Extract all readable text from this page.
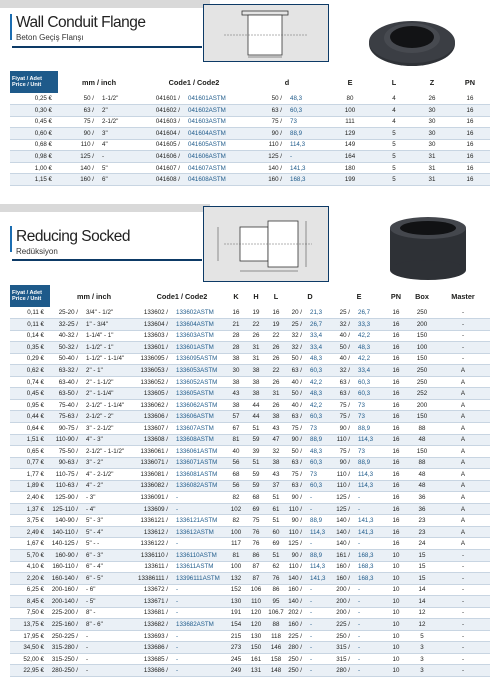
Wall Conduit Flange
Beton Geçiş Flanşı
Fiyat / Adet
Price / Unit	mm / inch		Code1 / Code2		d		E	L	Z	PN
0,25 €	50 /	1-1/2"	041601 /	041601ASTM	50 /	48,3	80	4	26	16
0,30 €	63 /	2"	041602 /	041602ASTM	63 /	60,3	100	4	30	16
0,45 €	75 /	2-1/2"	041603 /	041603ASTM	75 /	73	111	4	30	16
0,60 €	90 /	3"	041604 /	041604ASTM	90 /	88,9	129	5	30	16
0,68 €	110 /	4"	041605 /	041605ASTM	110 /	114,3	149	5	30	16
0,98 €	125 /	-	041606 /	041606ASTM	125 /	-	164	5	31	16
1,00 €	140 /	5"	041607 /	041607ASTM	140 /	141,3	180	5	31	16
1,15 €	160 /	6"	041608 /	041608ASTM	160 /	168,3	199	5	31	16
Reducing Socked
Redüksiyon
Fiyat / Adet
Price / Unit	mm / inch		Code1 / Code2		K	H	L	D		E		PN	Box	Master
0,11 €	25-20 /	3/4" - 1/2"	133602 /	133602ASTM	16	19	16	20 /	21,3	25 /	26,7	16	250	-
0,11 €	32-25 /	1" - 3/4"	133604 /	133604ASTM	21	22	19	25 /	26,7	32 /	33,3	16	200	-
0,14 €	40-32 /	1-1/4" - 1"	133603 /	133603ASTM	28	26	22	32 /	33,4	40 /	42,2	16	150	-
0,35 €	50-32 /	1-1/2" - 1"	133601 /	133601ASTM	28	31	26	32 /	33,4	50 /	48,3	16	100	-
0,29 €	50-40 /	1-1/2" - 1-1/4"	1336095 /	1336095ASTM	38	31	26	50 /	48,3	40 /	42,2	16	150	-
0,62 €	63-32 /	2" - 1"	1336053 /	1336053ASTM	30	38	22	63 /	60,3	32 /	33,4	16	250	A
0,74 €	63-40 /	2" - 1-1/2"	1336052 /	1336052ASTM	38	38	26	40 /	42,2	63 /	60,3	16	250	A
0,45 €	63-50 /	2" - 1-1/4"	133605 /	133605ASTM	43	38	31	50 /	48,3	63 /	60,3	16	252	A
0,95 €	75-40 /	2-1/2" - 1-1/4"	1336062 /	1336062ASTM	38	44	26	40 /	42,2	75 /	73	16	200	A
0,44 €	75-63 /	2-1/2" - 2"	133606 /	133606ASTM	57	44	38	63 /	60,3	75 /	73	16	150	A
0,64 €	90-75 /	3" - 2-1/2"	133607 /	133607ASTM	67	51	43	75 /	73	90 /	88,9	16	88	A
1,51 €	110-90 /	4" - 3"	133608 /	133608ASTM	81	59	47	90 /	88,9	110 /	114,3	16	48	A
0,65 €	75-50 /	2-1/2" - 1-1/2"	1336061 /	1336061ASTM	40	39	32	50 /	48,3	75 /	73	16	150	A
0,77 €	90-63 /	3" - 2"	1336071 /	1336071ASTM	56	51	38	63 /	60,3	90 /	88,9	16	88	A
1,77 €	110-75 /	4" - 2-1/2"	1336081 /	1336081ASTM	68	59	43	75 /	73	110 /	114,3	16	48	A
1,89 €	110-63 /	4" - 2"	1336082 /	1336082ASTM	56	59	37	63 /	60,3	110 /	114,3	16	48	A
2,40 €	125-90 /	- 3"	1336091 /	-	82	68	51	90 /	-	125 /	-	16	36	A
1,37 €	125-110 /	- 4"	133609 /	-	102	69	61	110 /	-	125 /	-	16	36	A
3,75 €	140-90 /	5" - 3"	1336121 /	1336121ASTM	82	75	51	90 /	88,9	140 /	141,3	16	23	A
2,49 €	140-110 /	5" - 4"	133612 /	133612ASTM	100	76	60	110 /	114,3	140 /	141,3	16	23	A
1,67 €	140-125 /	5" - -	1336122 /	-	117	76	69	125 /	-	140 /	-	16	24	A
5,70 €	160-90 /	6" - 3"	1336110 /	1336110ASTM	81	86	51	90 /	88,9	161 /	168,3	10	15	-
4,10 €	160-110 /	6" - 4"	133611 /	133611ASTM	100	87	62	110 /	114,3	160 /	168,3	10	15	-
2,20 €	160-140 /	6" - 5"	13386111 /	13396111ASTM	132	87	76	140 /	141,3	160 /	168,3	10	15	-
6,25 €	200-160 /	- 6"	133672 /	-	152	106	86	160 /	-	200 /	-	10	14	-
8,45 €	200-140 /	- 5"	133671 /	-	130	110	95	140 /	-	200 /	-	10	14	-
7,50 €	225-200 /	8" -	133681 /	-	191	120	106.7	202 /	-	200 /	-	10	12	-
13,75 €	225-160 /	8" - 6"	133682 /	133682ASTM	154	120	88	160 /	-	225 /	-	10	12	-
17,95 €	250-225 /	-	133693 /	-	215	130	118	225 /	-	250 /	-	10	5	-
34,50 €	315-280 /	-	133686 /	-	273	150	146	280 /	-	315 /	-	10	3	-
52,00 €	315-250 /	-	133685 /	-	245	161	158	250 /	-	315 /	-	10	3	-
22,95 €	280-250 /	-	133686 /	-	249	131	148	250 /	-	280 /	-	10	3	-
